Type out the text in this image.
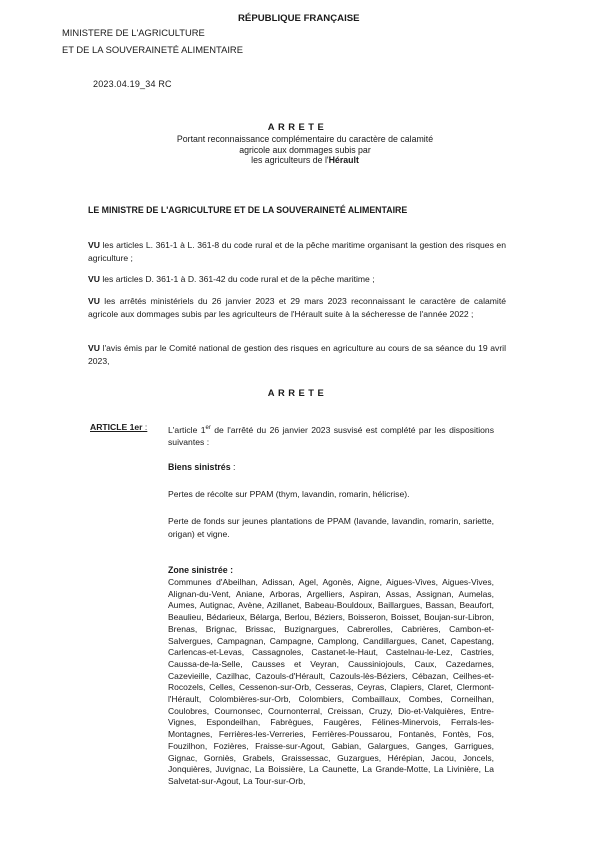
RÉPUBLIQUE FRANÇAISE
MINISTERE DE L'AGRICULTURE
ET DE LA SOUVERAINETÉ ALIMENTAIRE
2023.04.19_34 RC
ARRETE
Portant reconnaissance complémentaire du caractère de calamité
agricole aux dommages subis par
les agriculteurs de l'Hérault
LE MINISTRE DE L'AGRICULTURE ET DE LA SOUVERAINETÉ ALIMENTAIRE
VU les articles L. 361-1 à L. 361-8 du code rural et de la pêche maritime organisant la gestion des risques en agriculture ;
VU les articles D. 361-1 à D. 361-42 du code rural et de la pêche maritime ;
VU les arrêtés ministériels du 26 janvier 2023 et 29 mars 2023 reconnaissant le caractère de calamité agricole aux dommages subis par les agriculteurs de l'Hérault suite à la sécheresse de l'année 2022 ;
VU l'avis émis par le Comité national de gestion des risques en agriculture au cours de sa séance du 19 avril 2023,
ARRETE
ARTICLE 1er : L'article 1er de l'arrêté du 26 janvier 2023 susvisé est complété par les dispositions suivantes :
Biens sinistrés :
Pertes de récolte sur PPAM (thym, lavandin, romarin, hélicrise).
Perte de fonds sur jeunes plantations de PPAM (lavande, lavandin, romarin, sariette, origan) et vigne.
Zone sinistrée :
Communes d'Abeilhan, Adissan, Agel, Agonès, Aigne, Aigues-Vives, Aigues-Vives, Alignan-du-Vent, Aniane, Arboras, Argelliers, Aspiran, Assas, Assignan, Aumelas, Aumes, Autignac, Avène, Azillanet, Babeau-Bouldoux, Baillargues, Bassan, Beaufort, Beaulieu, Bédarieux, Bélarga, Berlou, Béziers, Boisseron, Boisset, Boujan-sur-Libron, Brenas, Brignac, Brissac, Buzignargues, Cabrerolles, Cabrières, Cambon-et-Salvergues, Campagnan, Campagne, Camplong, Candillargues, Canet, Capestang, Carlencas-et-Levas, Cassagnoles, Castanet-le-Haut, Castelnau-le-Lez, Castries, Caussa-de-la-Selle, Causses et Veyran, Caussiniojouls, Caux, Cazedarnes, Cazevieille, Cazilhac, Cazouls-d'Hérault, Cazouls-lès-Béziers, Cébazan, Ceilhes-et-Rocozels, Celles, Cessenon-sur-Orb, Cesseras, Ceyras, Clapiers, Claret, Clermont-l'Hérault, Colombières-sur-Orb, Colombiers, Combaillaux, Combes, Corneilhan, Coulobres, Cournonsec, Cournonterral, Creissan, Cruzy, Dio-et-Valquières, Entre-Vignes, Espondeilhan, Fabrègues, Faugères, Félines-Minervois, Ferrals-les-Montagnes, Ferrières-les-Verreries, Ferrières-Poussarou, Fontanès, Fontès, Fos, Fouzilhon, Fozières, Fraisse-sur-Agout, Gabian, Galargues, Ganges, Garrigues, Gignac, Gorniès, Grabels, Graissessac, Guzargues, Hérépian, Jacou, Joncels, Jonquières, Juvignac, La Boissière, La Caunette, La Grande-Motte, La Livinière, La Salvetat-sur-Agout, La Tour-sur-Orb,
